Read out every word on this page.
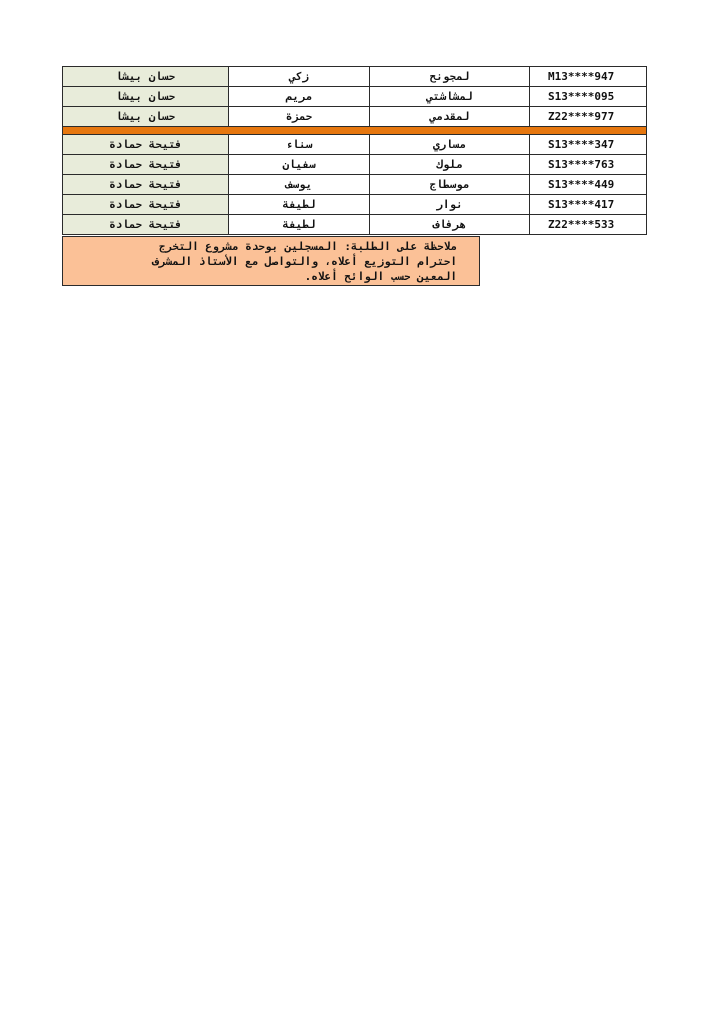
حسان بيشا	زكي	لمجونح	M13****947
حسان بيشا	مريم	لمشاشتي	S13****095
حسان بيشا	حمزة	لمقدمي	Z22****977

فتيحة حمادة	سناء	مساري	S13****347
فتيحة حمادة	سفيان	ملوك	S13****763
فتيحة حمادة	يوسف	موسطاج	S13****449
فتيحة حمادة	لطيفة	نوار	S13****417
فتيحة حمادة	لطيفة	هرفاف	Z22****533
ملاحظة على الطلبة: المسجلين بوحدة مشروع التخرج
احترام التوزيع أعلاه، والتواصل مع الأستاذ المشرف
المعين حسب الوائح أعلاه.
